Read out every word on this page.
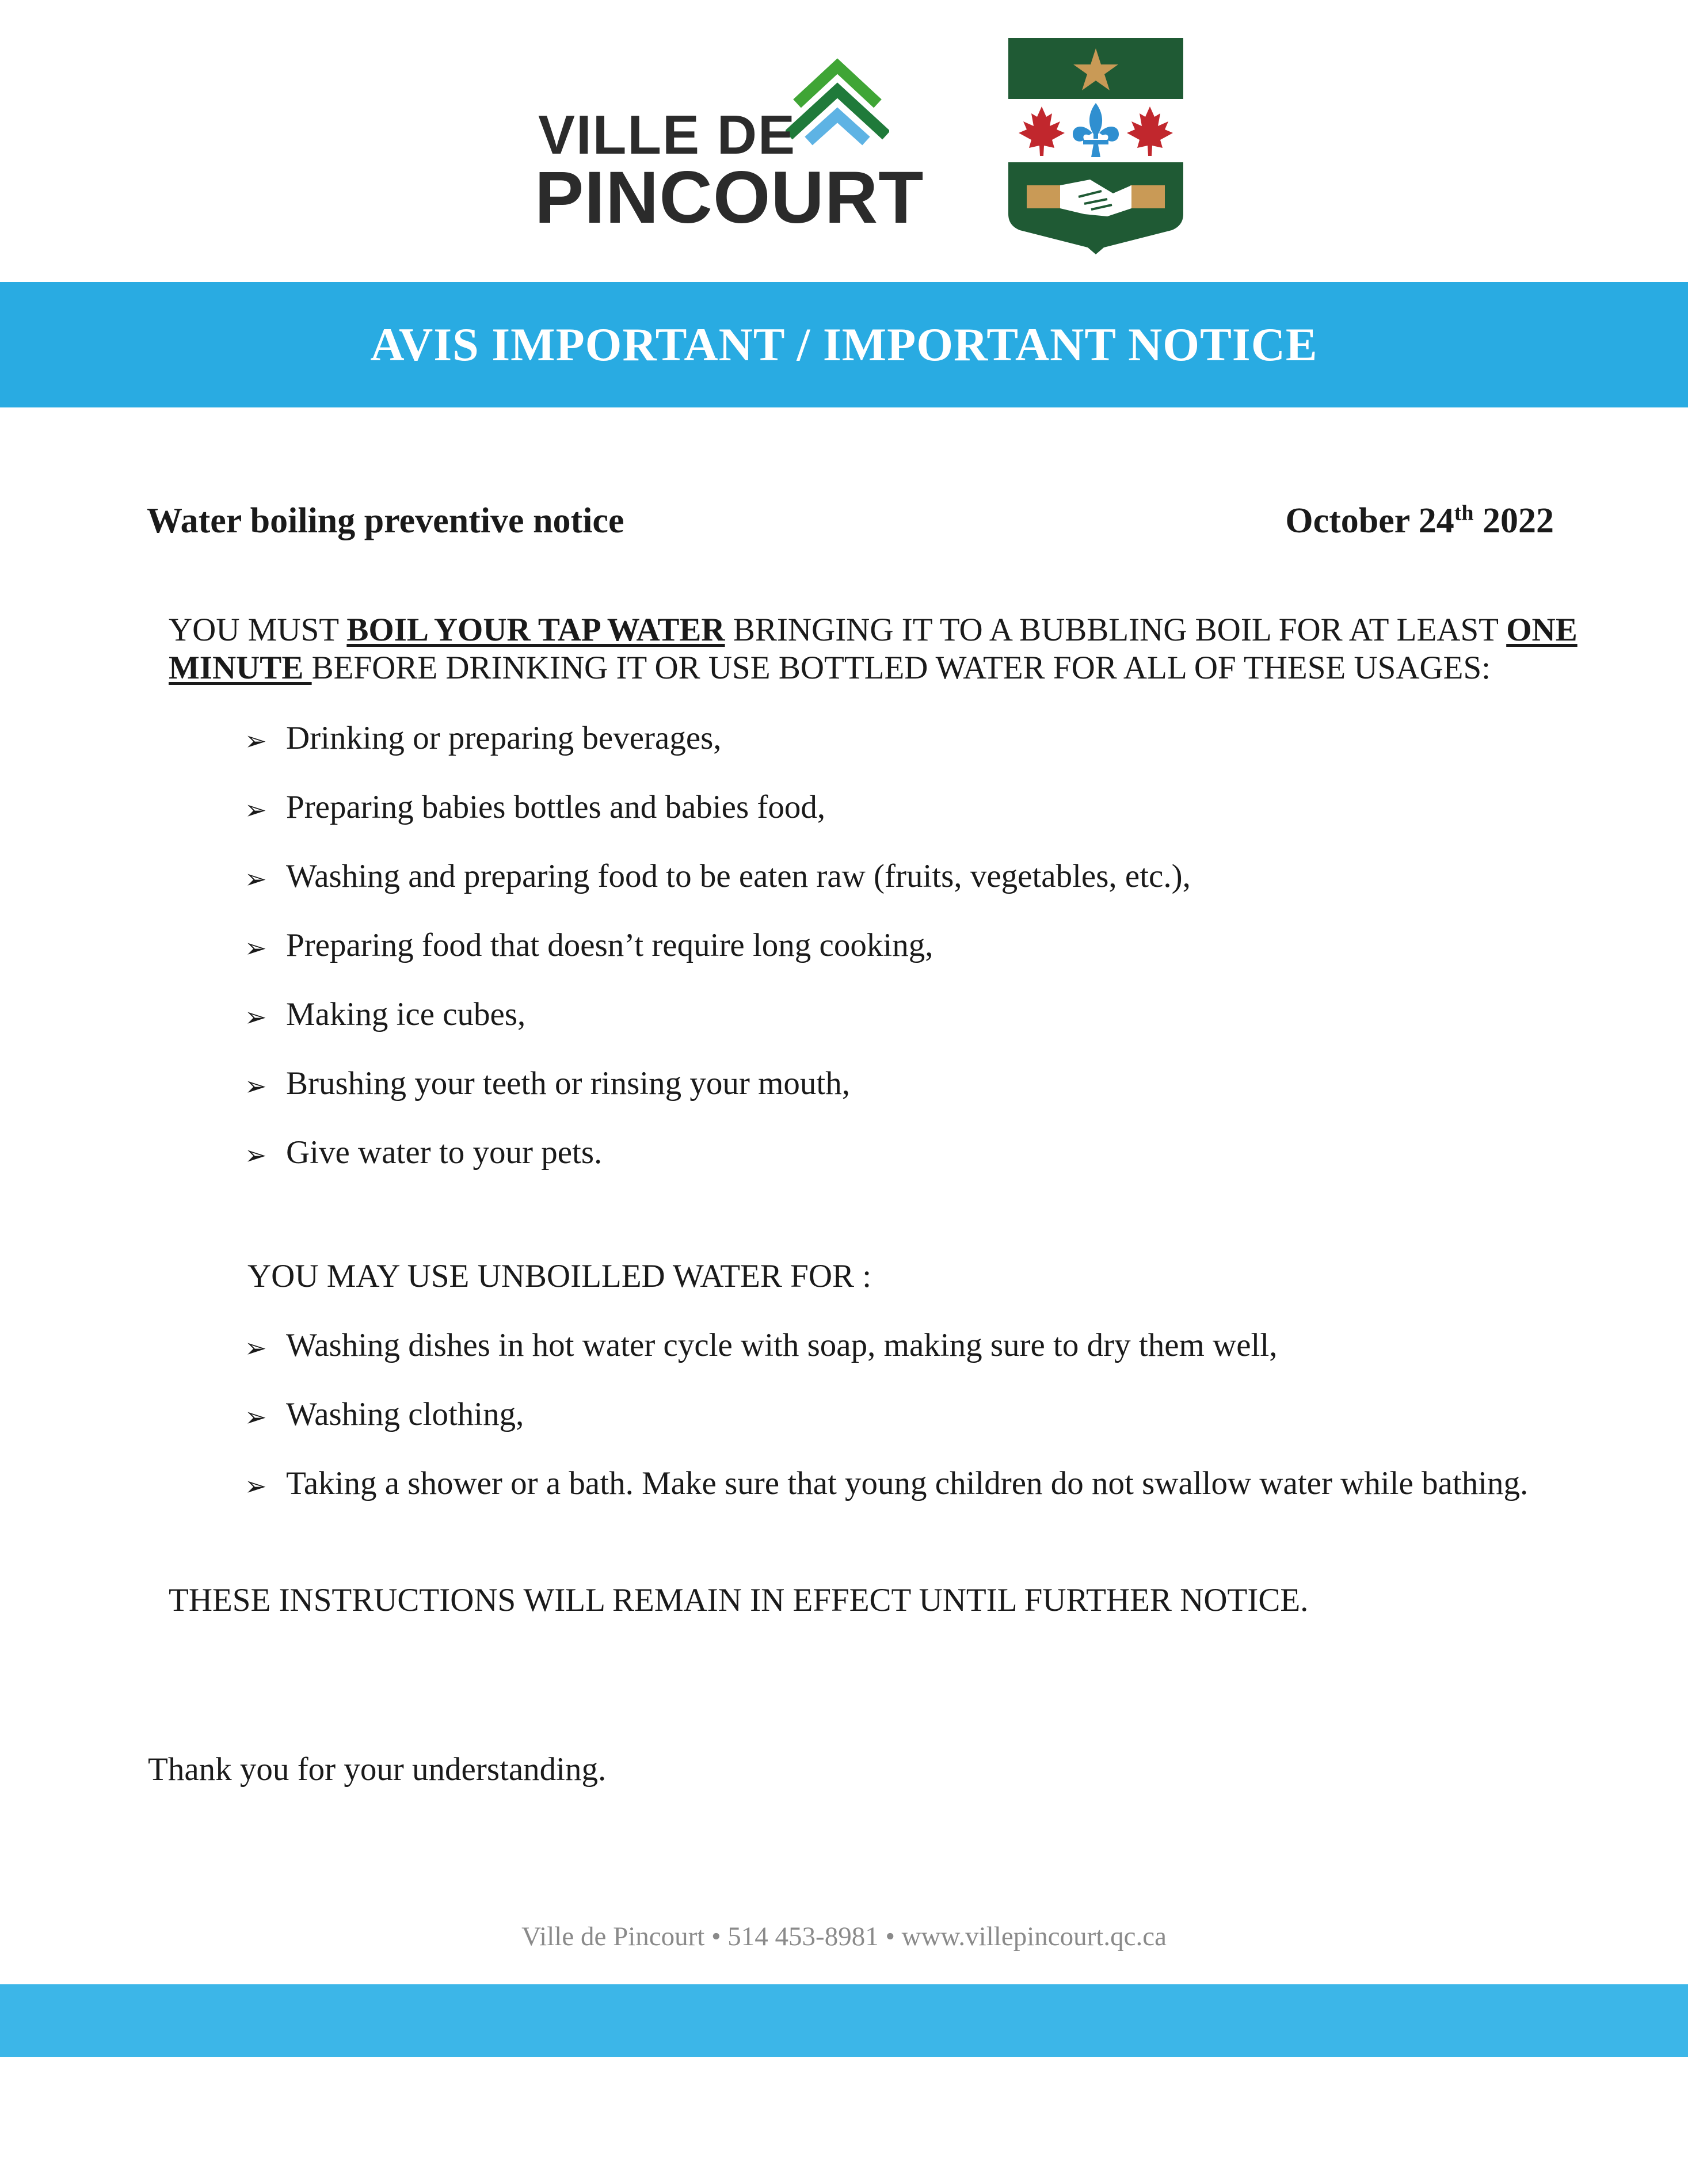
VILLE DE
PINCOURT
AVIS IMPORTANT / IMPORTANT NOTICE
Water boiling preventive notice	October 24th 2022
YOU MUST BOIL YOUR TAP WATER BRINGING IT TO A BUBBLING BOIL FOR AT LEAST ONE MINUTE BEFORE DRINKING IT OR USE BOTTLED WATER FOR ALL OF THESE USAGES:
➢ Drinking or preparing beverages,
➢ Preparing babies bottles and babies food,
➢ Washing and preparing food to be eaten raw (fruits, vegetables, etc.),
➢ Preparing food that doesn’t require long cooking,
➢ Making ice cubes,
➢ Brushing your teeth or rinsing your mouth,
➢ Give water to your pets.
YOU MAY USE UNBOILLED WATER FOR :
➢ Washing dishes in hot water cycle with soap, making sure to dry them well,
➢ Washing clothing,
➢ Taking a shower or a bath. Make sure that young children do not swallow water while bathing.
THESE INSTRUCTIONS WILL REMAIN IN EFFECT UNTIL FURTHER NOTICE.
Thank you for your understanding.
Ville de Pincourt • 514 453-8981 • www.villepincourt.qc.ca
